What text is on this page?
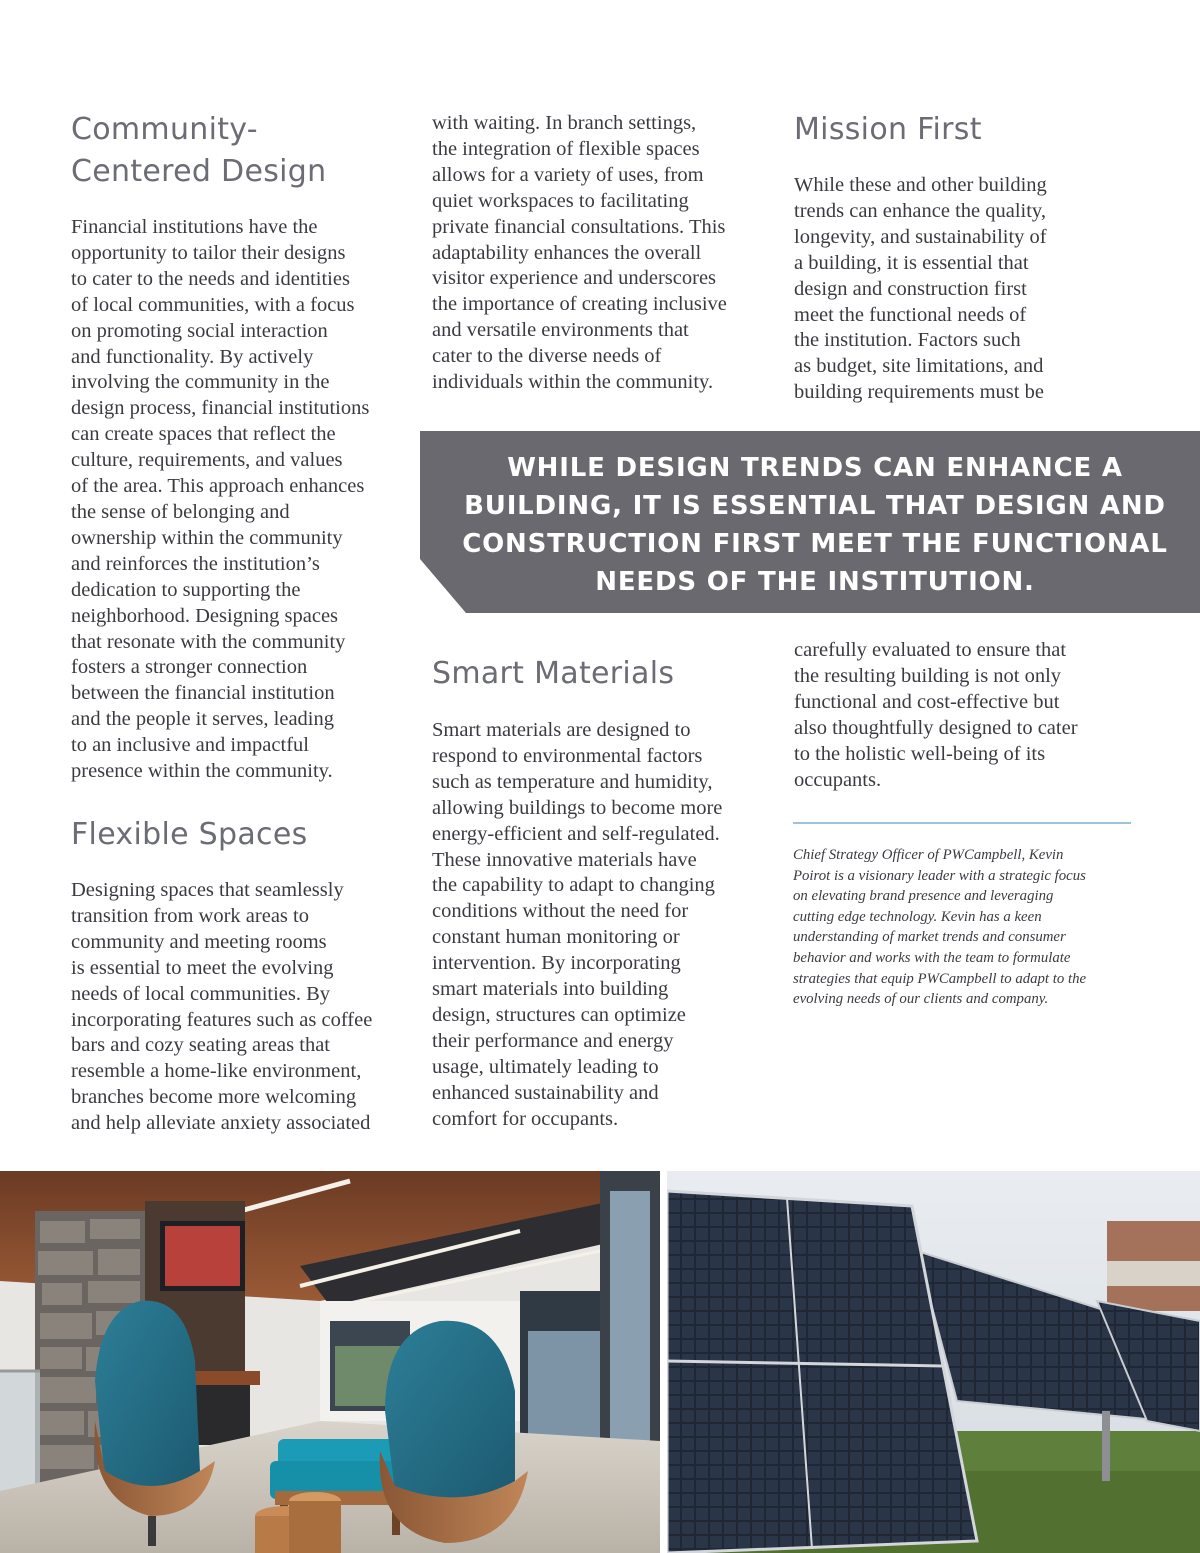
Community-
Centered Design

Financial institutions have the
opportunity to tailor their designs
to cater to the needs and identities
of local communities, with a focus
on promoting social interaction
and functionality. By actively
involving the community in the
design process, financial institutions
can create spaces that reflect the
culture, requirements, and values
of the area. This approach enhances
the sense of belonging and
ownership within the community
and reinforces the institution’s
dedication to supporting the
neighborhood. Designing spaces
that resonate with the community
fosters a stronger connection
between the financial institution
and the people it serves, leading
to an inclusive and impactful
presence within the community.

Flexible Spaces

Designing spaces that seamlessly
transition from work areas to
community and meeting rooms
is essential to meet the evolving
needs of local communities. By
incorporating features such as coffee
bars and cozy seating areas that
resemble a home-like environment,
branches become more welcoming
and help alleviate anxiety associated

with waiting. In branch settings,
the integration of flexible spaces
allows for a variety of uses, from
quiet workspaces to facilitating
private financial consultations. This
adaptability enhances the overall
visitor experience and underscores
the importance of creating inclusive
and versatile environments that
cater to the diverse needs of
individuals within the community.

Smart Materials

Smart materials are designed to
respond to environmental factors
such as temperature and humidity,
allowing buildings to become more
energy-efficient and self-regulated.
These innovative materials have
the capability to adapt to changing
conditions without the need for
constant human monitoring or
intervention. By incorporating
smart materials into building
design, structures can optimize
their performance and energy
usage, ultimately leading to
enhanced sustainability and
comfort for occupants.

Mission First

While these and other building
trends can enhance the quality,
longevity, and sustainability of
a building, it is essential that
design and construction first
meet the functional needs of
the institution. Factors such
as budget, site limitations, and
building requirements must be

carefully evaluated to ensure that
the resulting building is not only
functional and cost-effective but
also thoughtfully designed to cater
to the holistic well-being of its
occupants.

Chief Strategy Officer of PWCampbell, Kevin
Poirot is a visionary leader with a strategic focus
on elevating brand presence and leveraging
cutting edge technology. Kevin has a keen
understanding of market trends and consumer
behavior and works with the team to formulate
strategies that equip PWCampbell to adapt to the
evolving needs of our clients and company.

WHILE DESIGN TRENDS CAN ENHANCE A
BUILDING, IT IS ESSENTIAL THAT DESIGN AND
CONSTRUCTION FIRST MEET THE FUNCTIONAL
NEEDS OF THE INSTITUTION.
